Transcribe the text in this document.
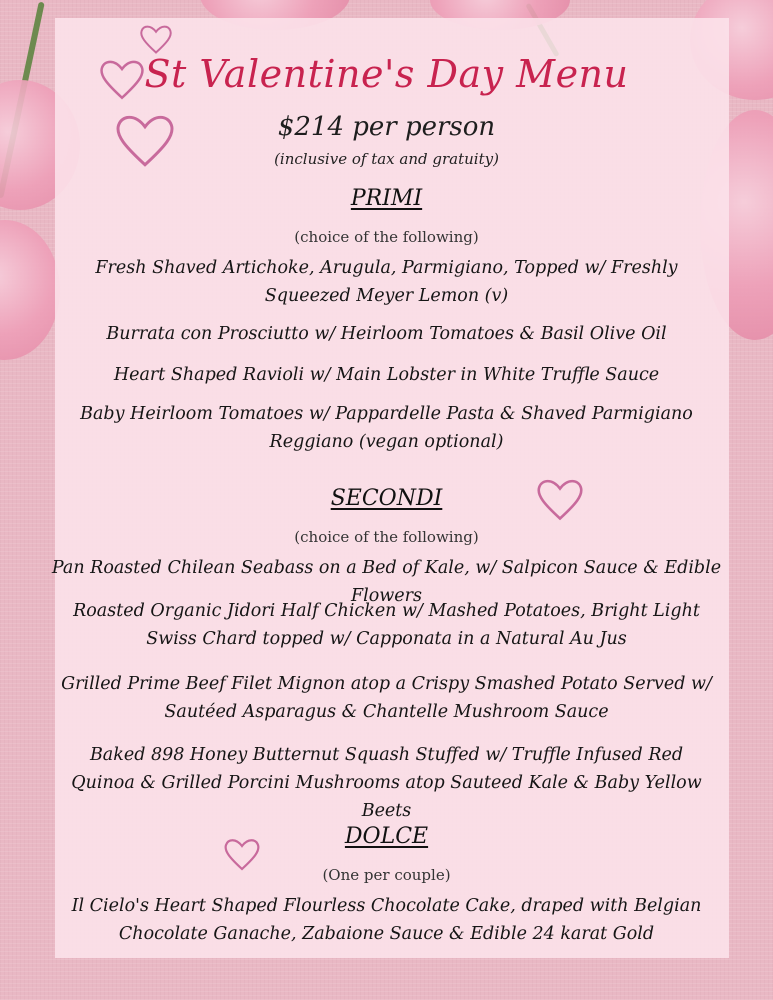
St Valentine's Day Menu
$214 per person
(inclusive of tax and gratuity)
PRIMI
(choice of the following)
Fresh Shaved Artichoke, Arugula, Parmigiano, Topped w/ Freshly Squeezed Meyer Lemon (v)
Burrata con Prosciutto w/ Heirloom Tomatoes & Basil Olive Oil
Heart Shaped Ravioli w/ Main Lobster in White Truffle Sauce
Baby Heirloom Tomatoes w/ Pappardelle Pasta & Shaved Parmigiano Reggiano (vegan optional)
SECONDI
(choice of the following)
Pan Roasted Chilean Seabass on a Bed of Kale, w/ Salpicon Sauce & Edible Flowers
Roasted Organic Jidori Half Chicken w/ Mashed Potatoes, Bright Light Swiss Chard topped w/ Capponata in a Natural Au Jus
Grilled Prime Beef Filet Mignon atop a Crispy Smashed Potato Served w/ Sautéed Asparagus & Chantelle Mushroom Sauce
Baked 898 Honey Butternut Squash Stuffed w/ Truffle Infused Red Quinoa & Grilled Porcini Mushrooms atop Sauteed Kale & Baby Yellow Beets
DOLCE
(One per couple)
Il Cielo's Heart Shaped Flourless Chocolate Cake, draped with Belgian Chocolate Ganache, Zabaione Sauce & Edible 24 karat Gold
